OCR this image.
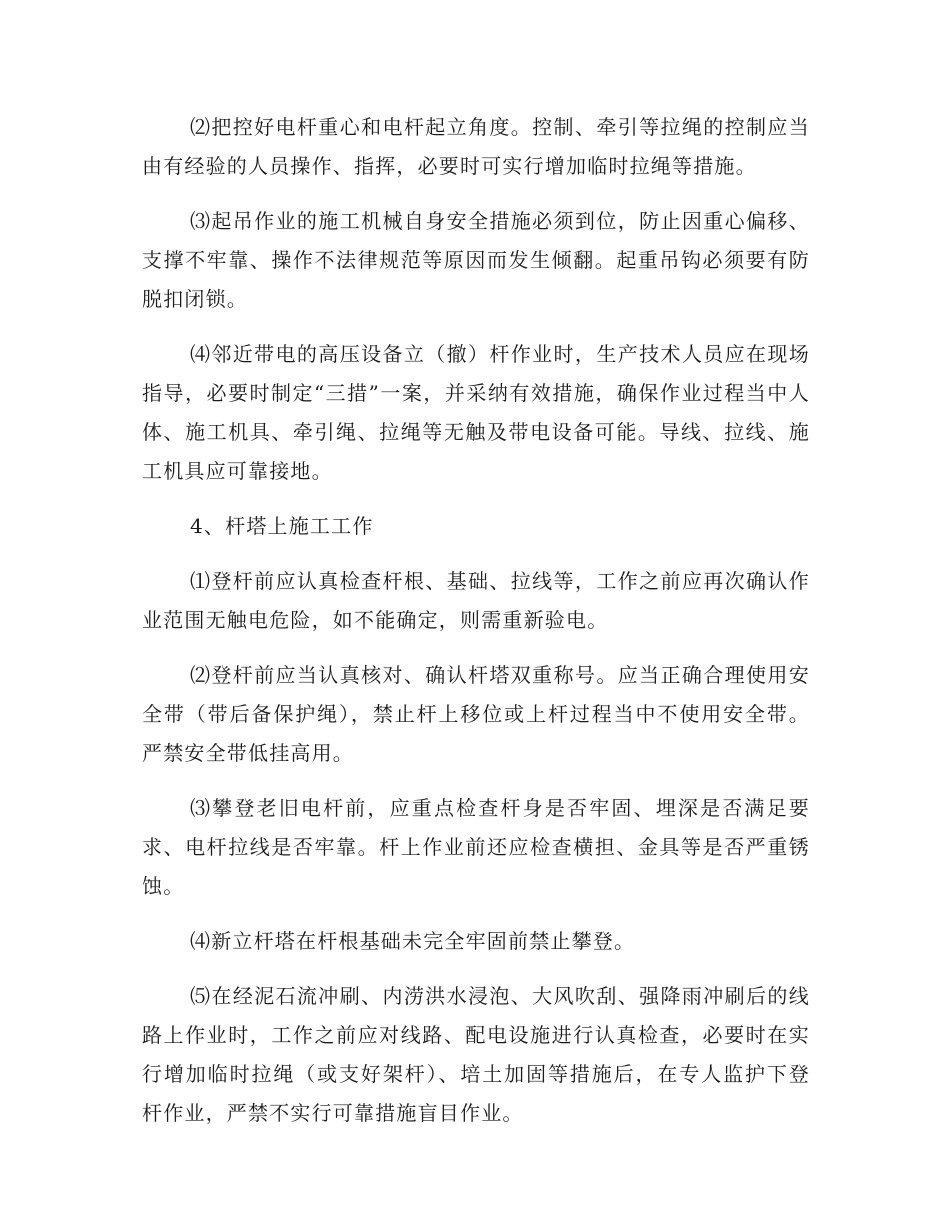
⑵把控好电杆重心和电杆起立角度。控制、牵引等拉绳的控制应当由有经验的人员操作、指挥，必要时可实行增加临时拉绳等措施。

⑶起吊作业的施工机械自身安全措施必须到位，防止因重心偏移、支撑不牢靠、操作不法律规范等原因而发生倾翻。起重吊钩必须要有防脱扣闭锁。

⑷邻近带电的高压设备立（撤）杆作业时，生产技术人员应在现场指导，必要时制定“三措”一案，并采纳有效措施，确保作业过程当中人体、施工机具、牵引绳、拉绳等无触及带电设备可能。导线、拉线、施工机具应可靠接地。

4、杆塔上施工工作

⑴登杆前应认真检查杆根、基础、拉线等，工作之前应再次确认作业范围无触电危险，如不能确定，则需重新验电。

⑵登杆前应当认真核对、确认杆塔双重称号。应当正确合理使用安全带（带后备保护绳），禁止杆上移位或上杆过程当中不使用安全带。严禁安全带低挂高用。

⑶攀登老旧电杆前，应重点检查杆身是否牢固、埋深是否满足要求、电杆拉线是否牢靠。杆上作业前还应检查横担、金具等是否严重锈蚀。

⑷新立杆塔在杆根基础未完全牢固前禁止攀登。

⑸在经泥石流冲刷、内涝洪水浸泡、大风吹刮、强降雨冲刷后的线路上作业时，工作之前应对线路、配电设施进行认真检查，必要时在实行增加临时拉绳（或支好架杆）、培土加固等措施后，在专人监护下登杆作业，严禁不实行可靠措施盲目作业。
